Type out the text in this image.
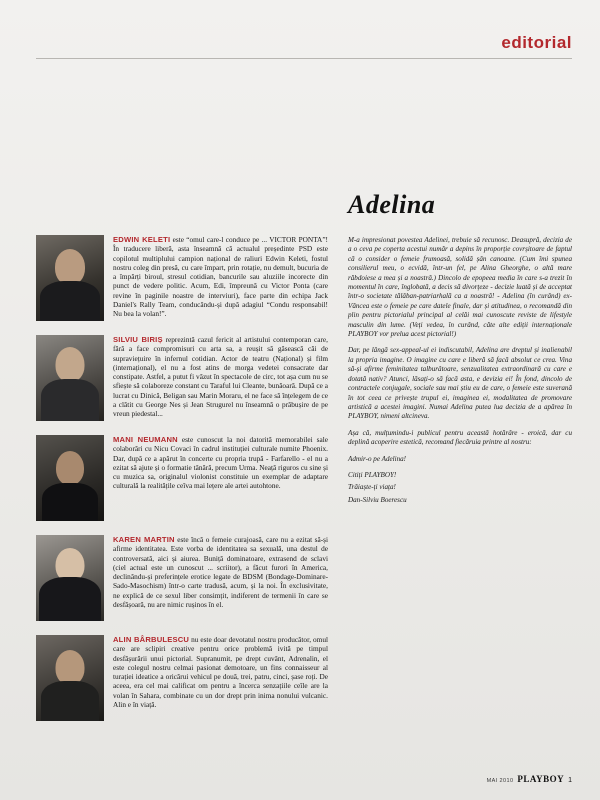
editorial
EDWIN KELETI este “omul care-l conduce pe ... VICTOR PONTA”! În traducere liberă, asta înseamnă că actualul președinte PSD este copilotul multiplului campion național de raliuri Edwin Keleti, fostul nostru coleg din presă, cu care împart, prin rotație, nu demult, bucuria de a împărți biroul, stresul cotidian, bancurile sau aluziile incorecte din punct de vedere politic. Acum, Edi, împreună cu Victor Ponta (care revine în paginile noastre de interviuri), face parte din echipa Jack Daniel's Rally Team, conducându-și după adagiul “Condu responsabil! Nu bea la volan!”.
SILVIU BIRIȘ reprezintă cazul fericit al artistului contemporan care, fără a face compromisuri cu arta sa, a reușit să găsească căi de supraviețuire în infernul cotidian. Actor de teatru (Național) și film (internațional), el nu a fost atins de morga vedetei consacrate dar constipate. Astfel, a putut fi văzut în spectacole de circ, tot așa cum nu se sfiește să colaboreze constant cu Taraful lui Cleante, bunăoară. După ce a lucrat cu Dinică, Beligan sau Marin Moraru, el ne face să înțelegem de ce a clătit cu George Nes și Jean Strugurel nu înseamnă o prăbușire de pe vreun piedestal...
MANI NEUMANN este cunoscut la noi datorită memorabilei sale colaborări cu Nicu Covaci în cadrul instituției culturale numite Phoenix. Dar, după ce a apărut în concerte cu propria trupă - Farfarello - el nu a ezitat să ajute și o formatie tânără, precum Urma. Neațâ riguros cu sine și cu muzica sa, originalul violonist constituie un exemplar de adaptare culturală la realitățile ceîva mai lețere ale artei autohtone.
KAREN MARTIN este încă o femeie curajoasă, care nu a ezitat să-și afirme identitatea. Este vorba de identitatea sa sexuală, una destul de controversată, aici și aiurea. Buniță dominatoare, extrasend de sclavi (ciel actual este un cunoscut ... scriitor), a făcut furori în America, declinându-și preferințele erotice legate de BDSM (Bondage-Dominare-Sado-Masochism) într-o carte tradusă, acum, și la noi. În exclusivitate, ne explică de ce sexul liber consimțit, indiferent de termenii în care se desfășoară, nu are nimic rușinos în el.
ALIN BÂRBULESCU nu este doar devotatul nostru producător, omul care are sclipiri creative pentru orice problemă ivită pe timpul desfășurării unui pictorial. Supranumit, pe drept cuvânt, Adrenalin, el este colegul nostru celmai pasionat demotoare, un fins connaisseur al turației ideatice a oricărui vehicul pe două, trei, patru, cinci, șase roți. De aceea, era cel mai calificat om pentru a încerca senzațiile ceîle are la volan în Sahara, combinate cu un dor drept prin inima nonului vulcanic. Alin e în viață.
Adelina

M-a impresionat povestea Adelinei, trebuie să recunosc. Deasupră, decizia de a o ceva pe coperta acestui număr a depins în proporție covrșitoare de faptul că o consider o femeie frumoasă, solidă șân canoane. (Cum îmi spunea consilierul meu, o ecvidă, într-un fel, pe Alina Gheorghe, o altă mare răbdoiese a mea și a noastră.) Dincolo de epopeea media în care s-a trezit în momentul în care, înglobată, a decis să divorțeze - decizie luată și de acceptat într-o societate tălâban-patriarhală ca a noastră! - Adelina (în curând) ex-Văncea este o femeie pe care datele finale, dar și atitudinea, o recomandă din plin pentru pictorialul principal al celăi mai cunoscute reviste de lifestyle masculin din lume. (Veți vedea, în curând, căte alte ediții internaționale PLAYBOY vor prelua acest pictorial!)

Dar, pe lângă sex-appeal-ul ei indiscutabil, Adelina are dreptul și inalienabil la propria imagine. O imagine cu care e liberă să facă absolut ce crea. Vina să-și afirme feminitatea talburâtoare, senzualitatea extraordinară cu care e dotată nativ? Atunci, lăsați-o să facă asta, e devizia ei! În fond, dincolo de contractele conjugale, sociale sau mai știu eu de care, o femeie este suverană în tot ceea ce privește trupul ei, imaginea ei, modalitatea de promovare artistică a acestei imagini. Numai Adelina putea lua decizia de a apărea în PLAYBOY, nimeni altcineva.

Așa că, mulțumindu-i publicul pentru această hotărâre - eroică, dar cu deplină acoperire estetică, recomand fiecăruia printre al nostru:

Admir-o pe Adelina!

Citiți PLAYBOY!

Trăiaște-ți viața!

Dan-Silviu Boerescu

MAI 2010 PLAYBOY 1
